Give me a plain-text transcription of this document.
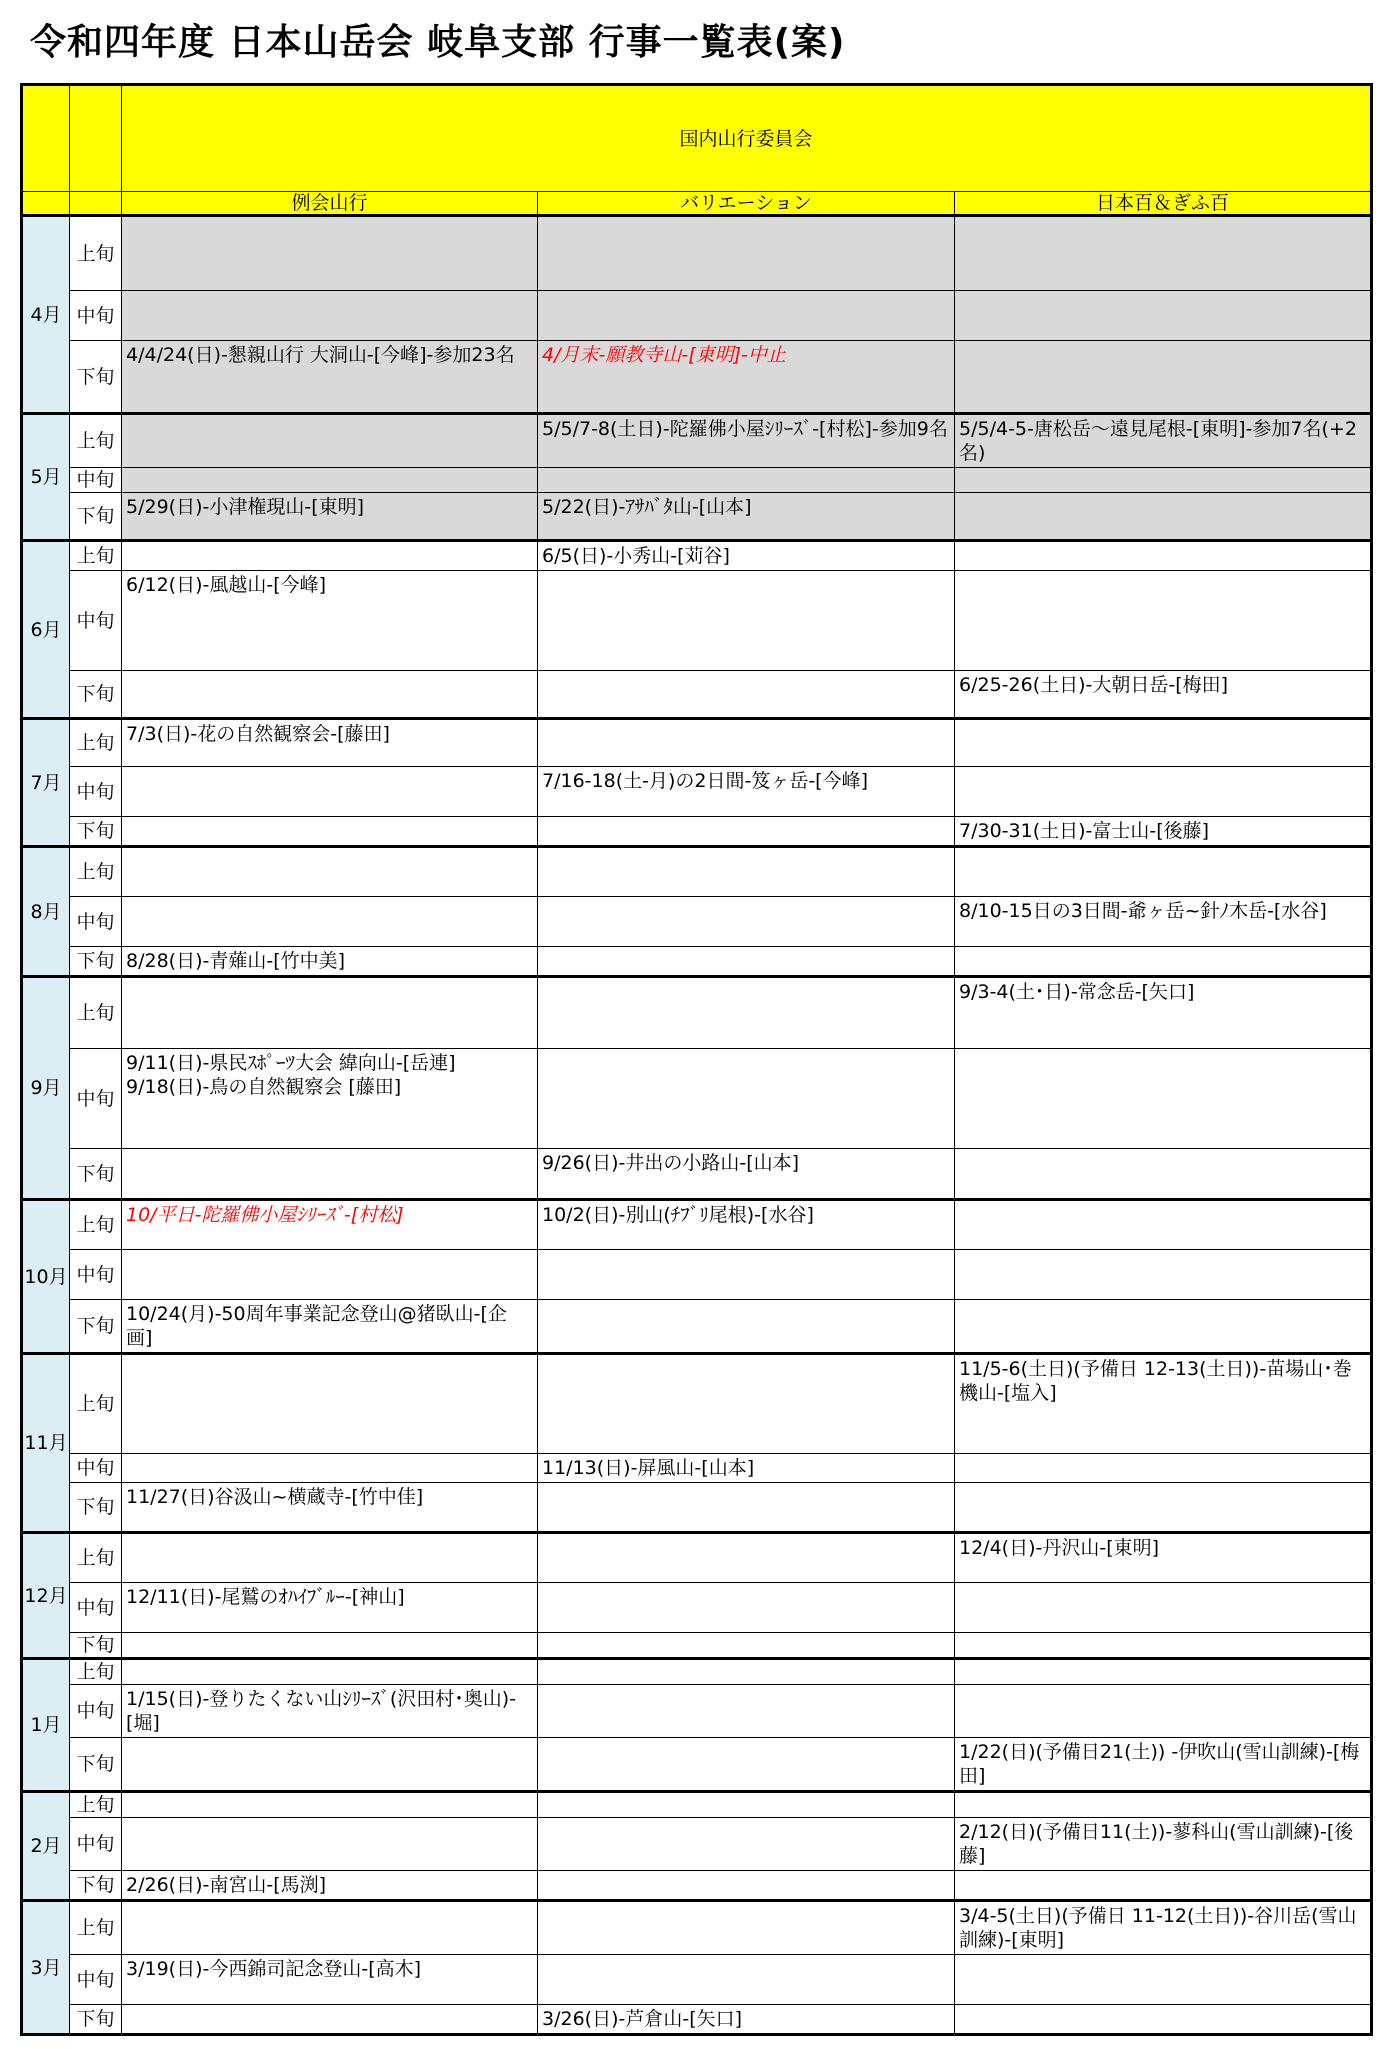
令和四年度 日本山岳会 岐阜支部 行事一覧表(案)
		国内山行委員会		
		例会山行	バリエーション	日本百＆ぎふ百
4月	上旬			
	中旬			
	下旬	4/4/24(日)-懇親山行 大洞山-[今峰]-参加23名	4/月末-願教寺山-[東明]-中止	
5月	上旬		5/5/7-8(土日)-陀羅佛小屋ｼﾘｰｽﾞ-[村松]-参加9名	5/5/4-5-唐松岳～遠見尾根-[東明]-参加7名(+2名)
	中旬			
	下旬	5/29(日)-小津権現山-[東明]	5/22(日)-ｱｻﾊﾞﾀ山-[山本]	
6月	上旬		6/5(日)-小秀山-[苅谷]	
	中旬	6/12(日)-風越山-[今峰]		
	下旬			6/25-26(土日)-大朝日岳-[梅田]
7月	上旬	7/3(日)-花の自然観察会-[藤田]		
	中旬		7/16-18(土-月)の2日間-笈ヶ岳-[今峰]	
	下旬			7/30-31(土日)-富士山-[後藤]
8月	上旬			
	中旬			8/10-15日の3日間-爺ヶ岳~針ﾉ木岳-[水谷]
	下旬	8/28(日)-青薙山-[竹中美]		
9月	上旬			9/3-4(土･日)-常念岳-[矢口]
	中旬	9/11(日)-県民ｽﾎﾟｰﾂ大会 緯向山-[岳連]
9/18(日)-鳥の自然観察会 [藤田]		
	下旬		9/26(日)-井出の小路山-[山本]	
10月	上旬	10/平日-陀羅佛小屋ｼﾘｰｽﾞ-[村松]	10/2(日)-別山(ﾁﾌﾞﾘ尾根)-[水谷]	
	中旬			
	下旬	10/24(月)-50周年事業記念登山@猪臥山-[企画]		
11月	上旬			11/5-6(土日)(予備日 12-13(土日))-苗場山･巻機山-[塩入]
	中旬		11/13(日)-屏風山-[山本]	
	下旬	11/27(日)谷汲山~横蔵寺-[竹中佳]		
12月	上旬			12/4(日)-丹沢山-[東明]
	中旬	12/11(日)-尾鷲のｵﾊｲﾌﾞﾙｰ-[神山]		
	下旬			
1月	上旬			
	中旬	1/15(日)-登りたくない山ｼﾘｰｽﾞ(沢田村･奥山)-[堀]		
	下旬			1/22(日)(予備日21(土)) -伊吹山(雪山訓練)-[梅田]
2月	上旬			
	中旬			2/12(日)(予備日11(土))-蓼科山(雪山訓練)-[後藤]
	下旬	2/26(日)-南宮山-[馬渕]		
3月	上旬			3/4-5(土日)(予備日 11-12(土日))-谷川岳(雪山訓練)-[東明]
	中旬	3/19(日)-今西錦司記念登山-[高木]		
	下旬		3/26(日)-芦倉山-[矢口]	
